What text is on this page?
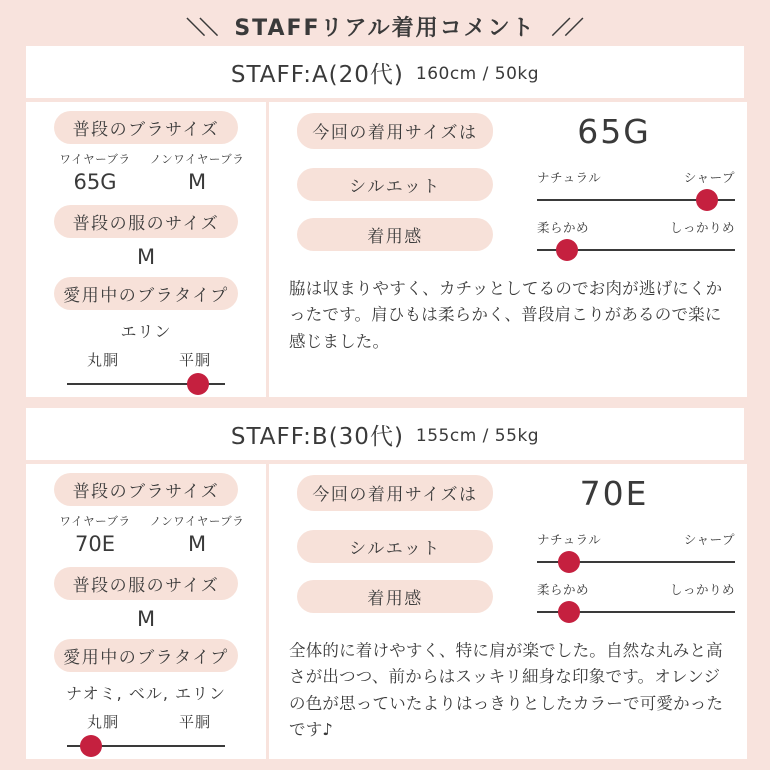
＼＼ STAFFリアル着用コメント ／／
STAFF:A(20代) 160cm / 50kg
普段のブラサイズ
ワイヤーブラ
65G
ノンワイヤーブラ
M
普段の服のサイズ
M
愛用中のブラタイプ
エリン
丸胴	平胴
今回の着用サイズは	65G
シルエット	ナチュラル	シャープ
着用感	柔らかめ	しっかりめ
脇は収まりやすく、カチッとしてるのでお肉が逃げにくかったです。肩ひもは柔らかく、普段肩こりがあるので楽に感じました。
STAFF:B(30代) 155cm / 55kg
普段のブラサイズ
ワイヤーブラ
70E
ノンワイヤーブラ
M
普段の服のサイズ
M
愛用中のブラタイプ
ナオミ, ベル, エリン
丸胴	平胴
今回の着用サイズは	70E
シルエット	ナチュラル	シャープ
着用感	柔らかめ	しっかりめ
全体的に着けやすく、特に肩が楽でした。自然な丸みと高さが出つつ、前からはスッキリ細身な印象です。オレンジの色が思っていたよりはっきりとしたカラーで可愛かったです♪
